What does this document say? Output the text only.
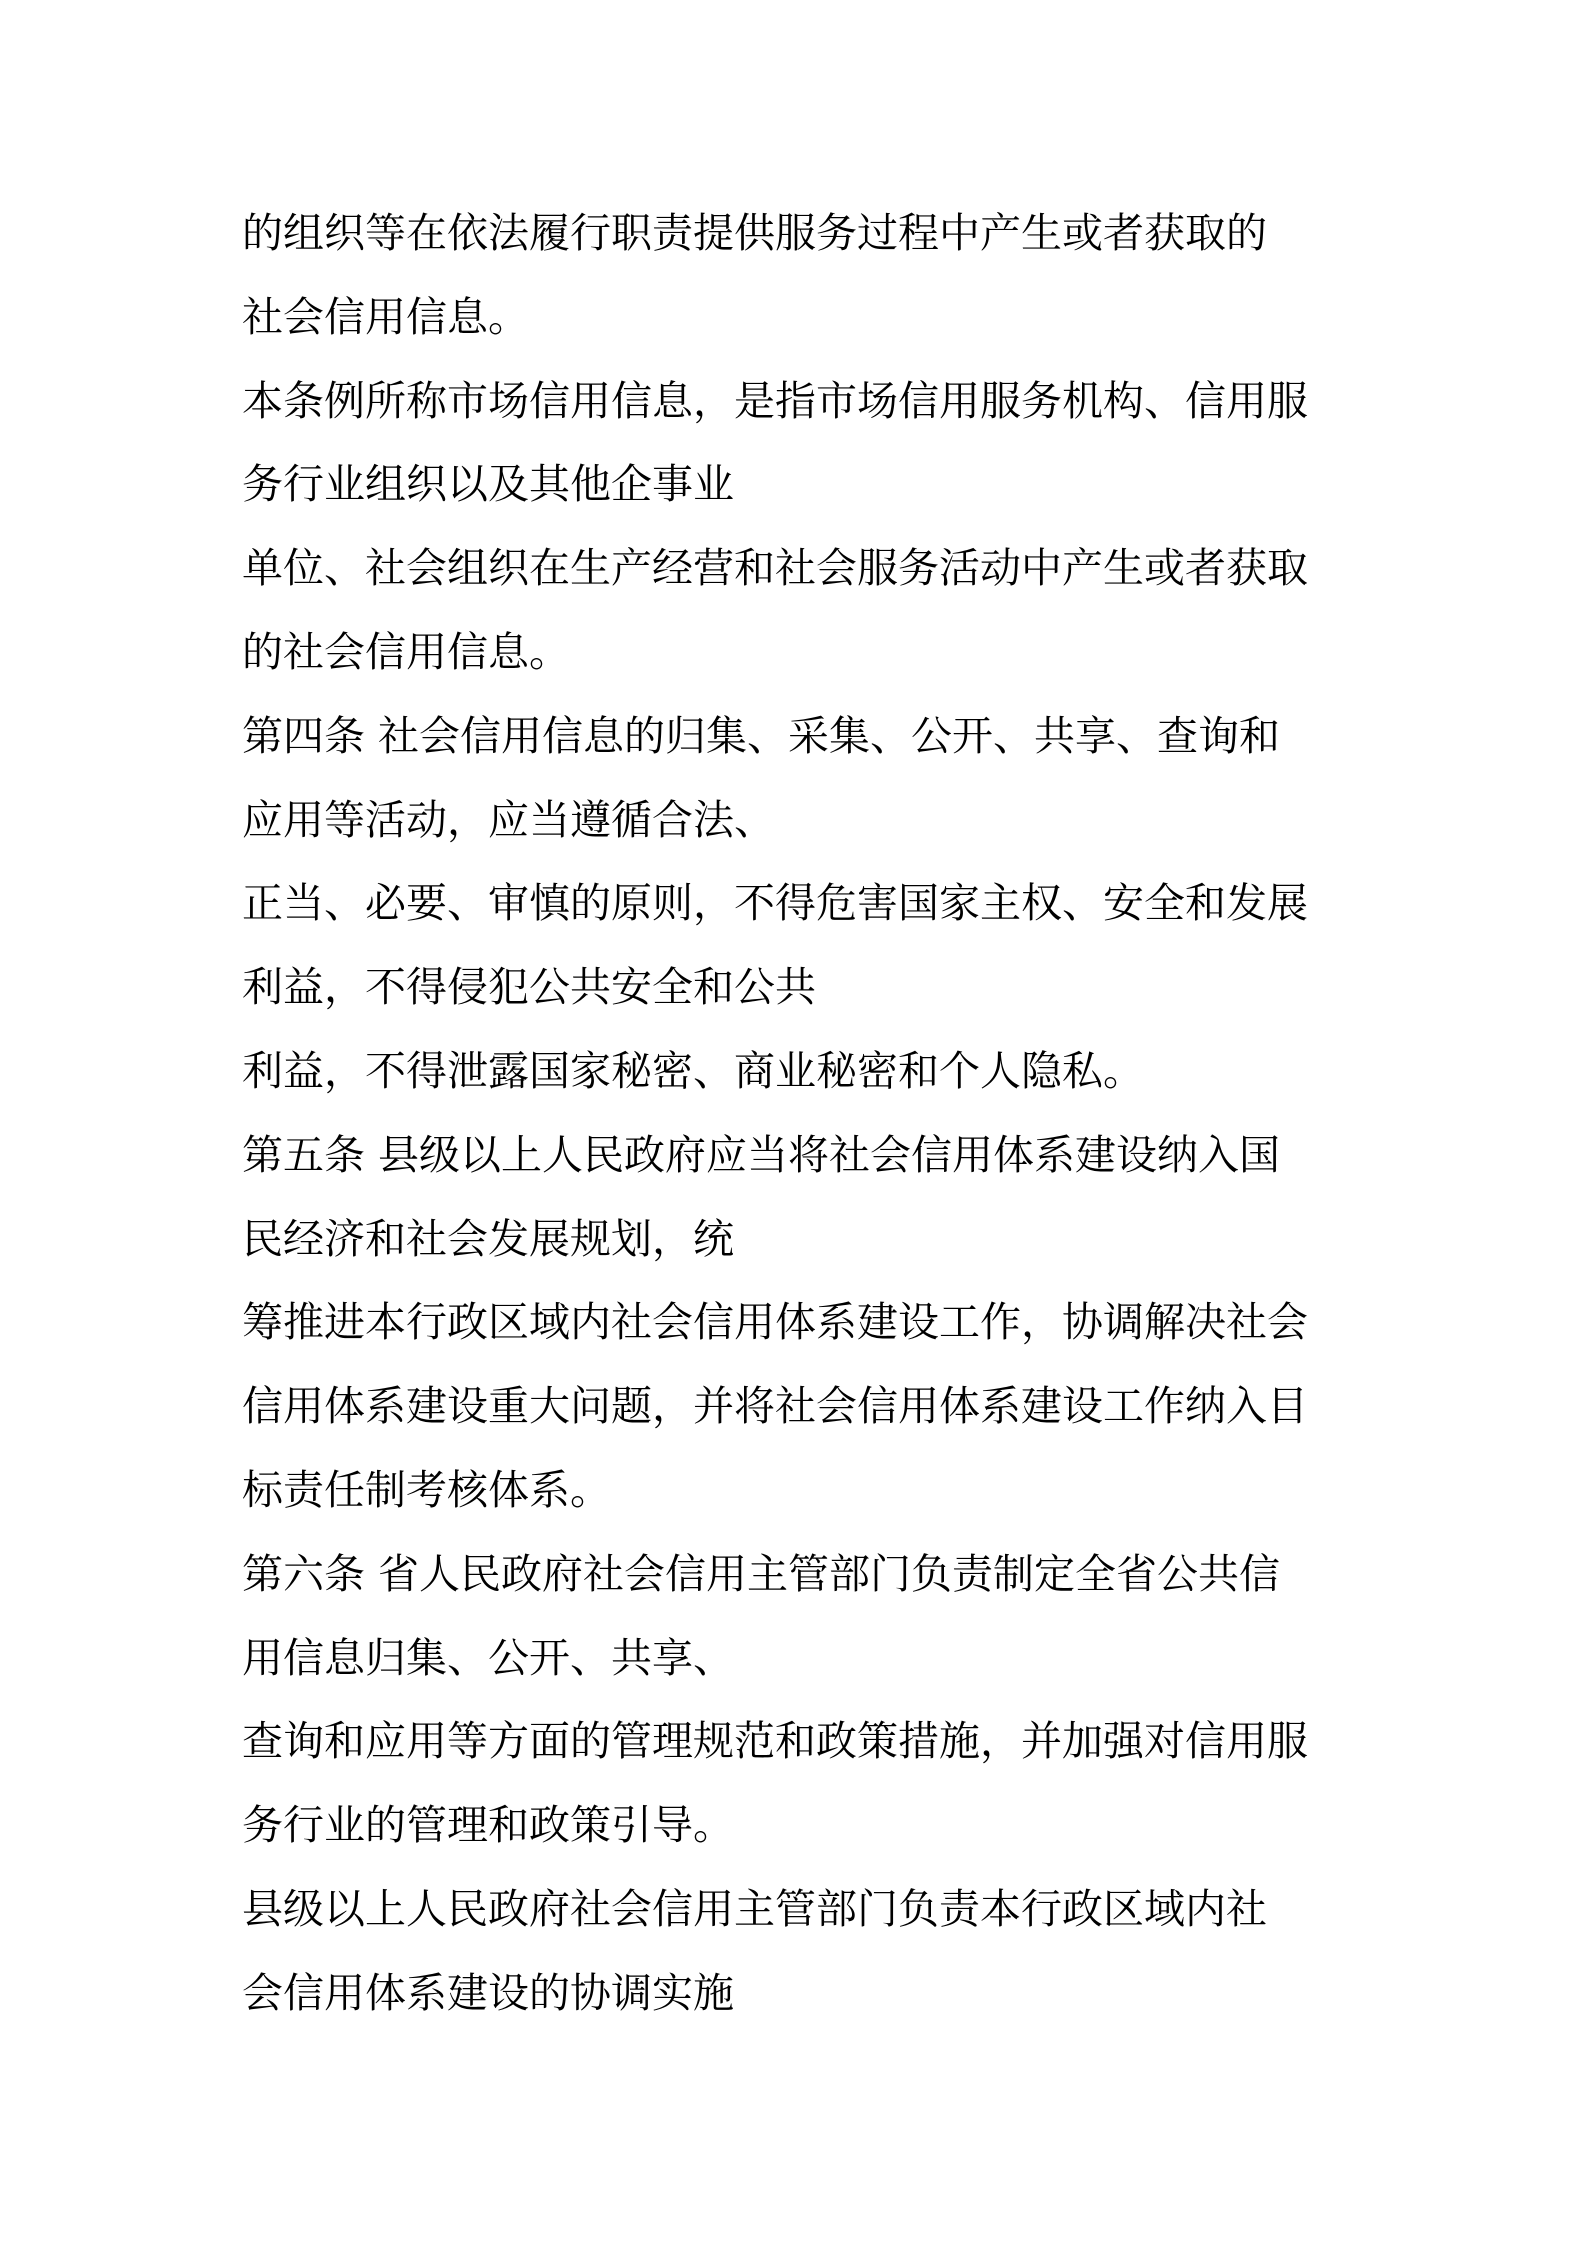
的组织等在依法履行职责提供服务过程中产生或者获取的
社会信用信息。
本条例所称市场信用信息，是指市场信用服务机构、信用服
务行业组织以及其他企事业
单位、社会组织在生产经营和社会服务活动中产生或者获取
的社会信用信息。
第四条 社会信用信息的归集、采集、公开、共享、查询和
应用等活动，应当遵循合法、
正当、必要、审慎的原则，不得危害国家主权、安全和发展
利益，不得侵犯公共安全和公共
利益，不得泄露国家秘密、商业秘密和个人隐私。
第五条 县级以上人民政府应当将社会信用体系建设纳入国
民经济和社会发展规划，统
筹推进本行政区域内社会信用体系建设工作，协调解决社会
信用体系建设重大问题，并将社会信用体系建设工作纳入目
标责任制考核体系。
第六条 省人民政府社会信用主管部门负责制定全省公共信
用信息归集、公开、共享、
查询和应用等方面的管理规范和政策措施，并加强对信用服
务行业的管理和政策引导。
县级以上人民政府社会信用主管部门负责本行政区域内社
会信用体系建设的协调实施
